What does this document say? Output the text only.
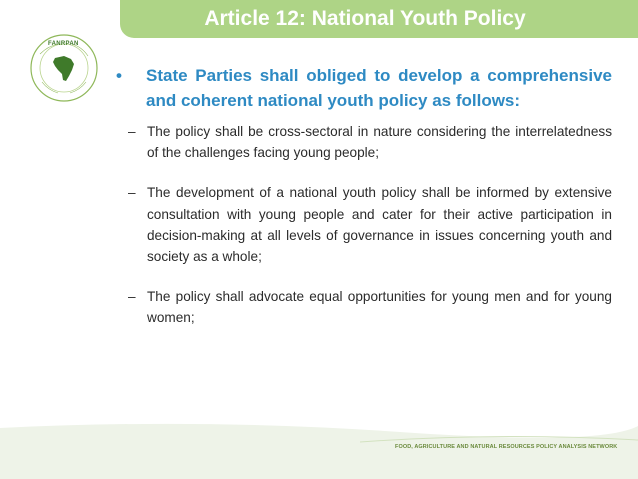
Article 12: National Youth Policy
FANRPAN
• State Parties shall obliged to develop a comprehensive and coherent national youth policy as follows:
– The policy shall be cross-sectoral in nature considering the interrelatedness of the challenges facing young people;
– The development of a national youth policy shall be informed by extensive consultation with young people and cater for their active participation in decision-making at all levels of governance in issues concerning youth and society as a whole;
– The policy shall advocate equal opportunities for young men and for young women;
FOOD, AGRICULTURE AND NATURAL RESOURCES POLICY ANALYSIS NETWORK
